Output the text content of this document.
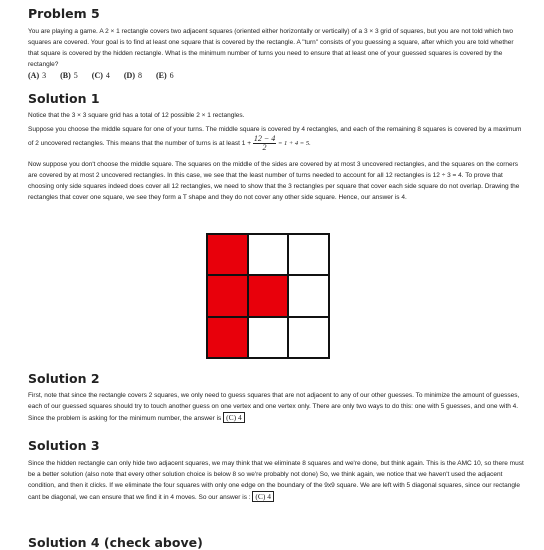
Problem 5

You are playing a game. A 2 × 1 rectangle covers two adjacent squares (oriented either horizontally or vertically) of a 3 × 3 grid of squares, but you are not told which two squares are covered. Your goal is to find at least one square that is covered by the rectangle. A "turn" consists of you guessing a square, after which you are told whether that square is covered by the hidden rectangle. What is the minimum number of turns you need to ensure that at least one of your guessed squares is covered by the rectangle?

(A) 3 (B) 5 (C) 4 (D) 8 (E) 6
Solution 1

Notice that the 3 × 3 square grid has a total of 12 possible 2 × 1 rectangles.

Suppose you choose the middle square for one of your turns. The middle square is covered by 4 rectangles, and each of the remaining 8 squares is covered by a maximum of 2 uncovered rectangles. This means that the number of turns is at least $1 + \frac{12 - 4}{2} = 1 + 4 = 5$.

Now suppose you don't choose the middle square. The squares on the middle of the sides are covered by at most 3 uncovered rectangles, and the squares on the corners are covered by at most 2 uncovered rectangles. In this case, we see that the least number of turns needed to account for all 12 rectangles is 12 ÷ 3 = 4. To prove that choosing only side squares indeed does cover all 12 rectangles, we need to show that the 3 rectangles per square that cover each side square do not overlap. Drawing the rectangles that cover one square, we see they form a T shape and they do not cover any other side square. Hence, our answer is 4.

Solution 2

First, note that since the rectangle covers 2 squares, we only need to guess squares that are not adjacent to any of our other guesses. To minimize the amount of guesses, each of our guessed squares should try to touch another guess on one vertex and one vertex only. There are only two ways to do this: one with 5 guesses, and one with 4. Since the problem is asking for the minimum number, the answer is (C) 4

Solution 3

Since the hidden rectangle can only hide two adjacent squares, we may think that we eliminate 8 squares and we're done, but think again. This is the AMC 10, so there must be a better solution (also note that every other solution choice is below 8 so we're probably not done) So, we think again, we notice that we haven't used the adjacent condition, and then it clicks. If we eliminate the four squares with only one edge on the boundary of the 9x9 square. We are left with 5 diagonal squares, since our rectangle cant be diagonal, we can ensure that we find it in 4 moves. So our answer is : (C) 4

Solution 4 (check above)
